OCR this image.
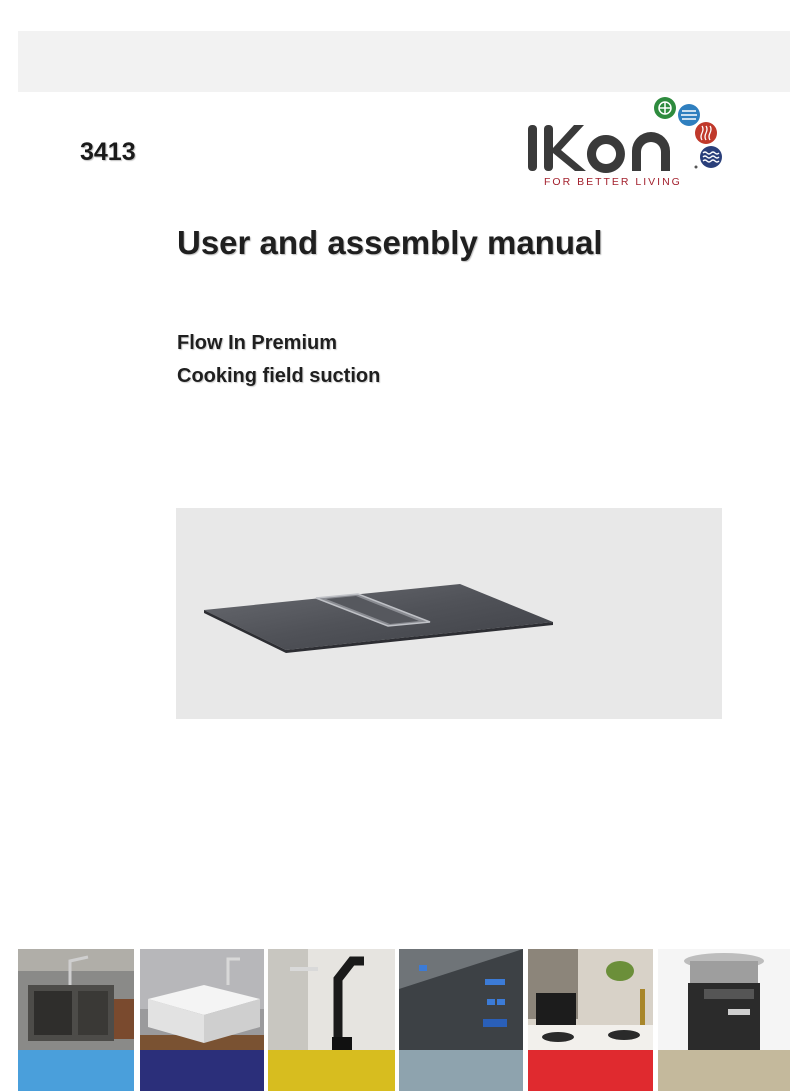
3413
FOR BETTER LIVING
User and assembly manual
Flow In Premium
Cooking field suction
